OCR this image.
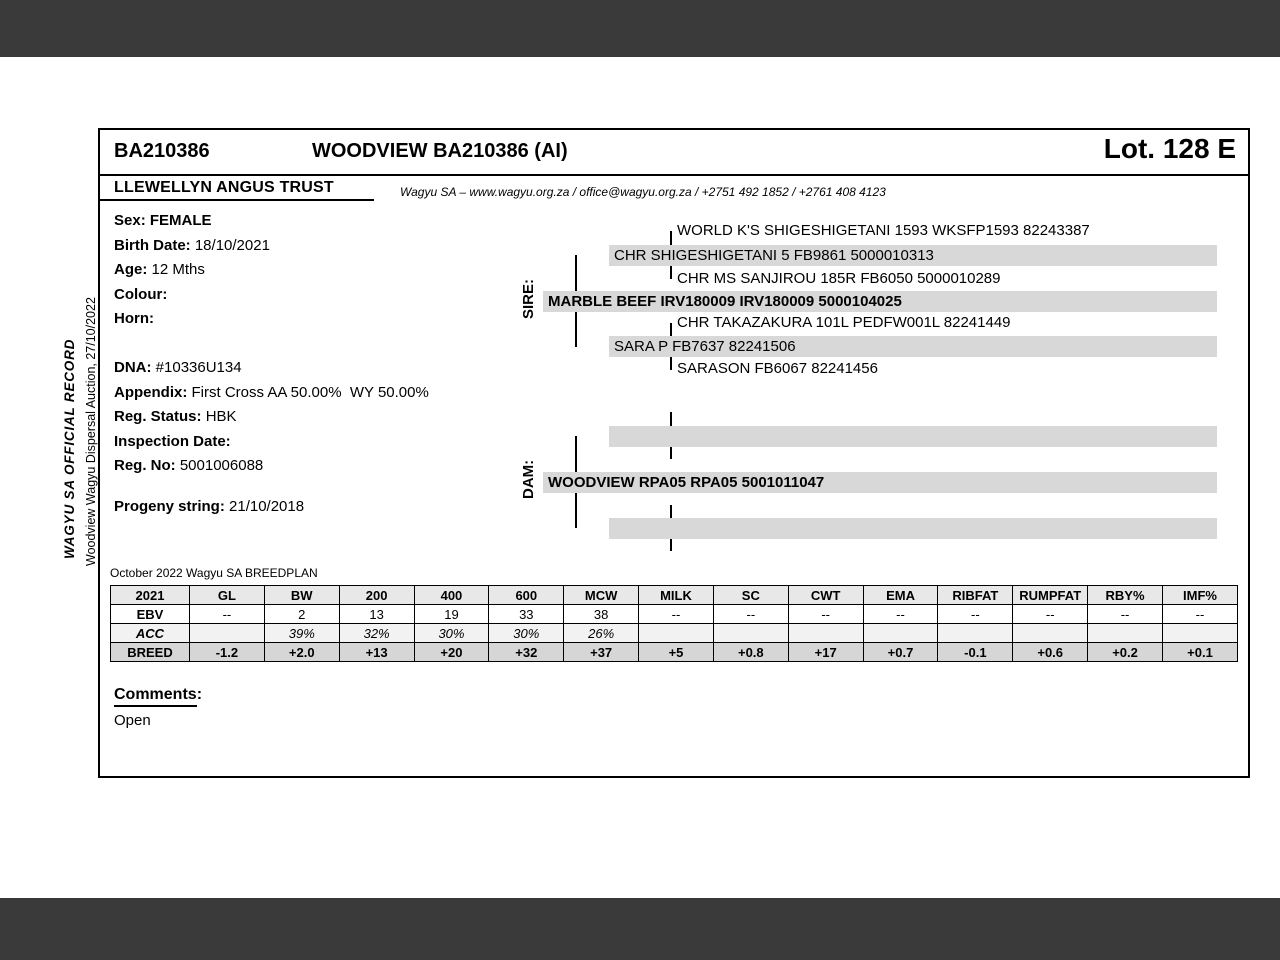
WAGYU SA OFFICIAL RECORD Woodview Wagyu Dispersal Auction, 27/10/2022
BA210386	WOODVIEW BA210386 (AI)	Lot. 128 E
LLEWELLYN ANGUS TRUST	Wagyu SA – www.wagyu.org.za / office@wagyu.org.za / +2751 492 1852 / +2761 408 4123
Sex: FEMALE
Birth Date: 18/10/2021
Age: 12 Mths
Colour:
Horn:
DNA: #10336U134
Appendix: First Cross AA 50.00%  WY 50.00%
Reg. Status: HBK
Inspection Date:
Reg. No: 5001006088
Progeny string: 21/10/2018
SIRE:
WORLD K'S SHIGESHIGETANI 1593 WKSFP1593 82243387
CHR SHIGESHIGETANI 5 FB9861 5000010313
CHR MS SANJIROU 185R FB6050 5000010289
MARBLE BEEF IRV180009 IRV180009 5000104025
CHR TAKAZAKURA 101L PEDFW001L 82241449
SARA P FB7637 82241506
SARASON FB6067 82241456
DAM: WOODVIEW RPA05 RPA05 5001011047
October 2022 Wagyu SA BREEDPLAN
2021	GL	BW	200	400	600	MCW	MILK	SC	CWT	EMA	RIBFAT	RUMPFAT	RBY%	IMF%
EBV	--	2	13	19	33	38	--	--	--	--	--	--	--	--
ACC		39%	32%	30%	30%	26%								
BREED	-1.2	+2.0	+13	+20	+32	+37	+5	+0.8	+17	+0.7	-0.1	+0.6	+0.2	+0.1
Comments:
Open
